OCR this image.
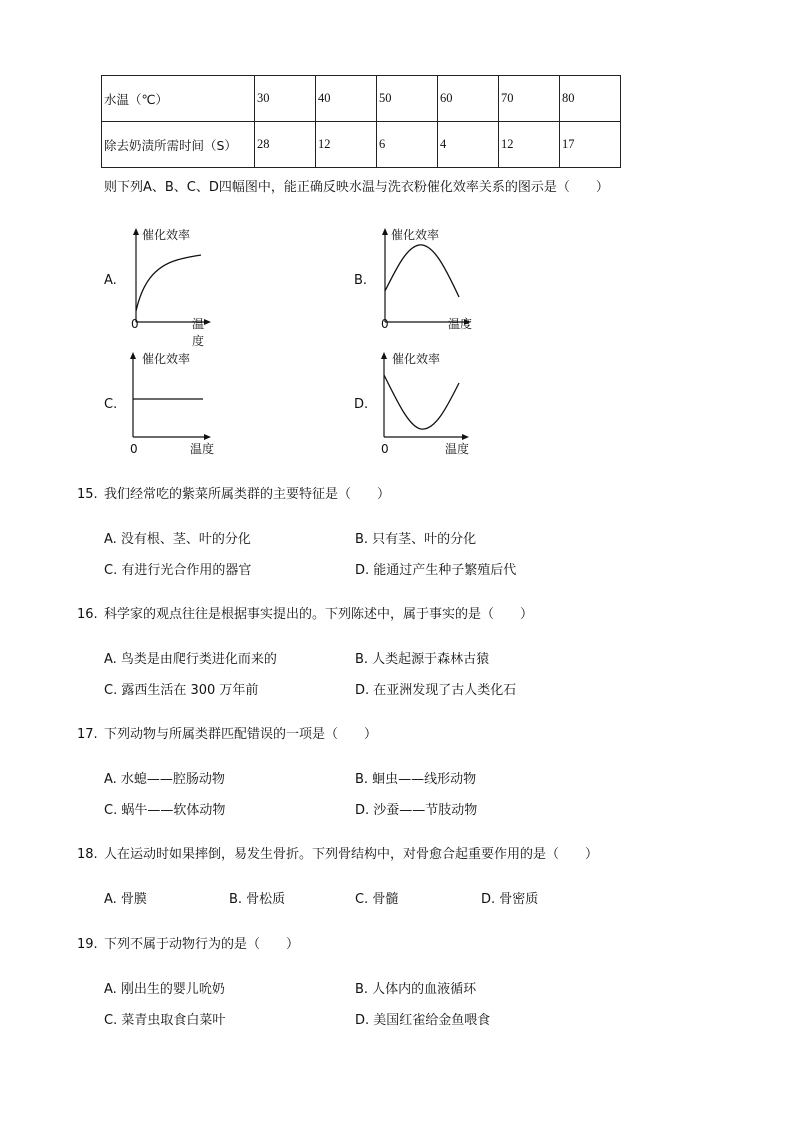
水温（℃）	30	40	50	60	70	80
除去奶渍所需时间（S）	28	12	6	4	12	17
则下列A、B、C、D四幅图中，能正确反映水温与洗衣粉催化效率关系的图示是（　　）
A.
催化效率
0	温度
B.
催化效率
0	温度
C.
催化效率
0	温度
D.
催化效率
0	温度
15. 我们经常吃的紫菜所属类群的主要特征是（　　）
A. 没有根、茎、叶的分化	B. 只有茎、叶的分化
C. 有进行光合作用的器官	D. 能通过产生种子繁殖后代
16. 科学家的观点往往是根据事实提出的。下列陈述中，属于事实的是（　　）
A. 鸟类是由爬行类进化而来的	B. 人类起源于森林古猿
C. 露西生活在 300 万年前	D. 在亚洲发现了古人类化石
17. 下列动物与所属类群匹配错误的一项是（　　）
A. 水螅——腔肠动物	B. 蛔虫——线形动物
C. 蜗牛——软体动物	D. 沙蚕——节肢动物
18. 人在运动时如果摔倒，易发生骨折。下列骨结构中，对骨愈合起重要作用的是（　　）
A. 骨膜	B. 骨松质	C. 骨髓	D. 骨密质
19. 下列不属于动物行为的是（　　）
A. 刚出生的婴儿吮奶	B. 人体内的血液循环
C. 菜青虫取食白菜叶	D. 美国红雀给金鱼喂食
